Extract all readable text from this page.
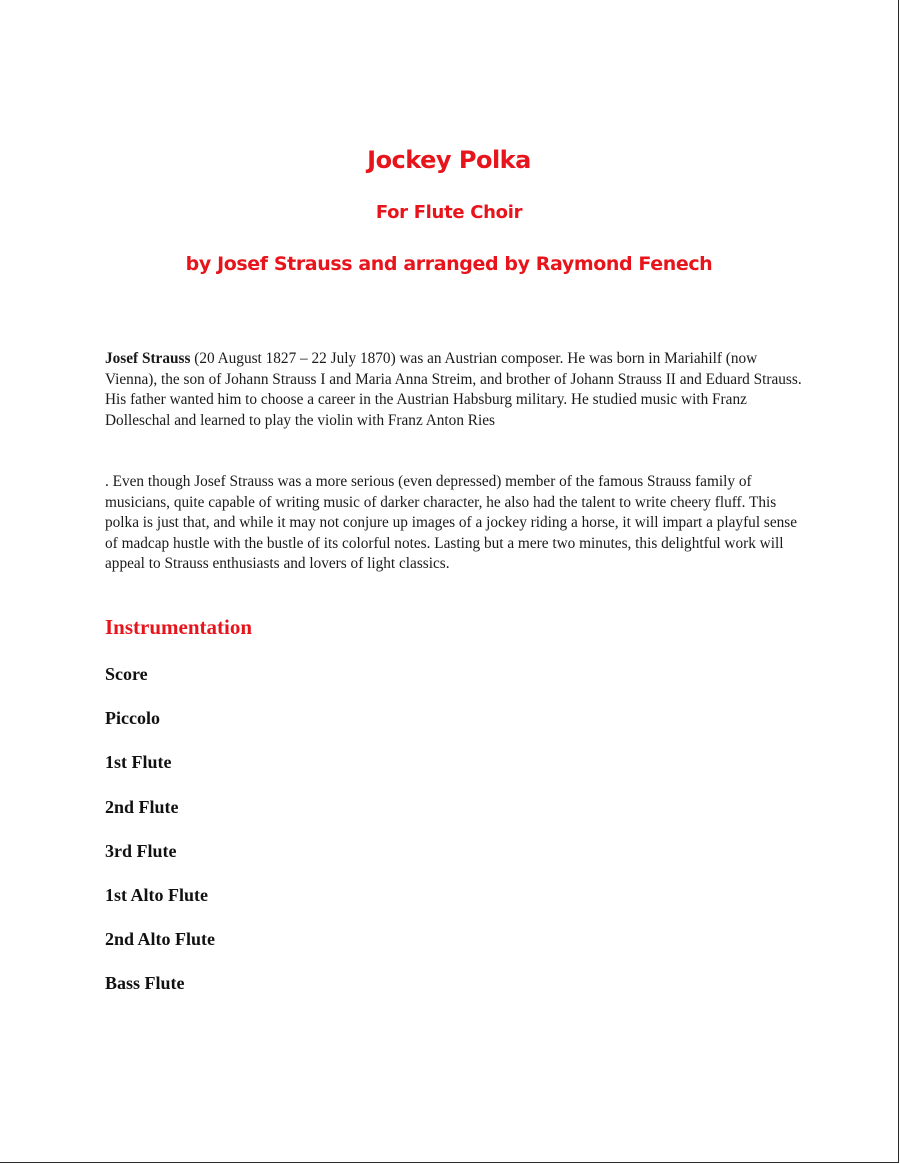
Jockey Polka
For Flute Choir
by Josef Strauss and arranged by Raymond Fenech

Josef Strauss (20 August 1827 – 22 July 1870) was an Austrian composer. He was born in Mariahilf (now Vienna), the son of Johann Strauss I and Maria Anna Streim, and brother of Johann Strauss II and Eduard Strauss. His father wanted him to choose a career in the Austrian Habsburg military. He studied music with Franz Dolleschal and learned to play the violin with Franz Anton Ries

. Even though Josef Strauss was a more serious (even depressed) member of the famous Strauss family of musicians, quite capable of writing music of darker character, he also had the talent to write cheery fluff. This polka is just that, and while it may not conjure up images of a jockey riding a horse, it will impart a playful sense of madcap hustle with the bustle of its colorful notes. Lasting but a mere two minutes, this delightful work will appeal to Strauss enthusiasts and lovers of light classics.

Instrumentation
Score
Piccolo
1st Flute
2nd Flute
3rd Flute
1st Alto Flute
2nd Alto Flute
Bass Flute
